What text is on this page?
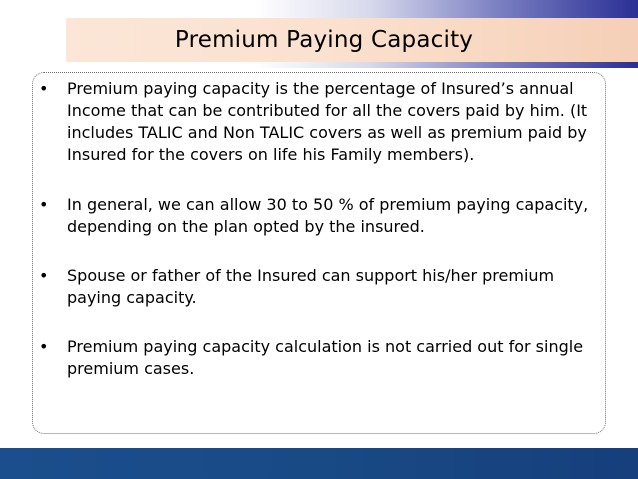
Premium Paying Capacity
• Premium paying capacity is the percentage of Insured’s annual Income that can be contributed for all the covers paid by him. (It includes TALIC and Non TALIC covers as well as premium paid by Insured for the covers on life his Family members).

• In general, we can allow 30 to 50 % of premium paying capacity, depending on the plan opted by the insured.

• Spouse or father of the Insured can support his/her premium paying capacity.

• Premium paying capacity calculation is not carried out for single premium cases.
